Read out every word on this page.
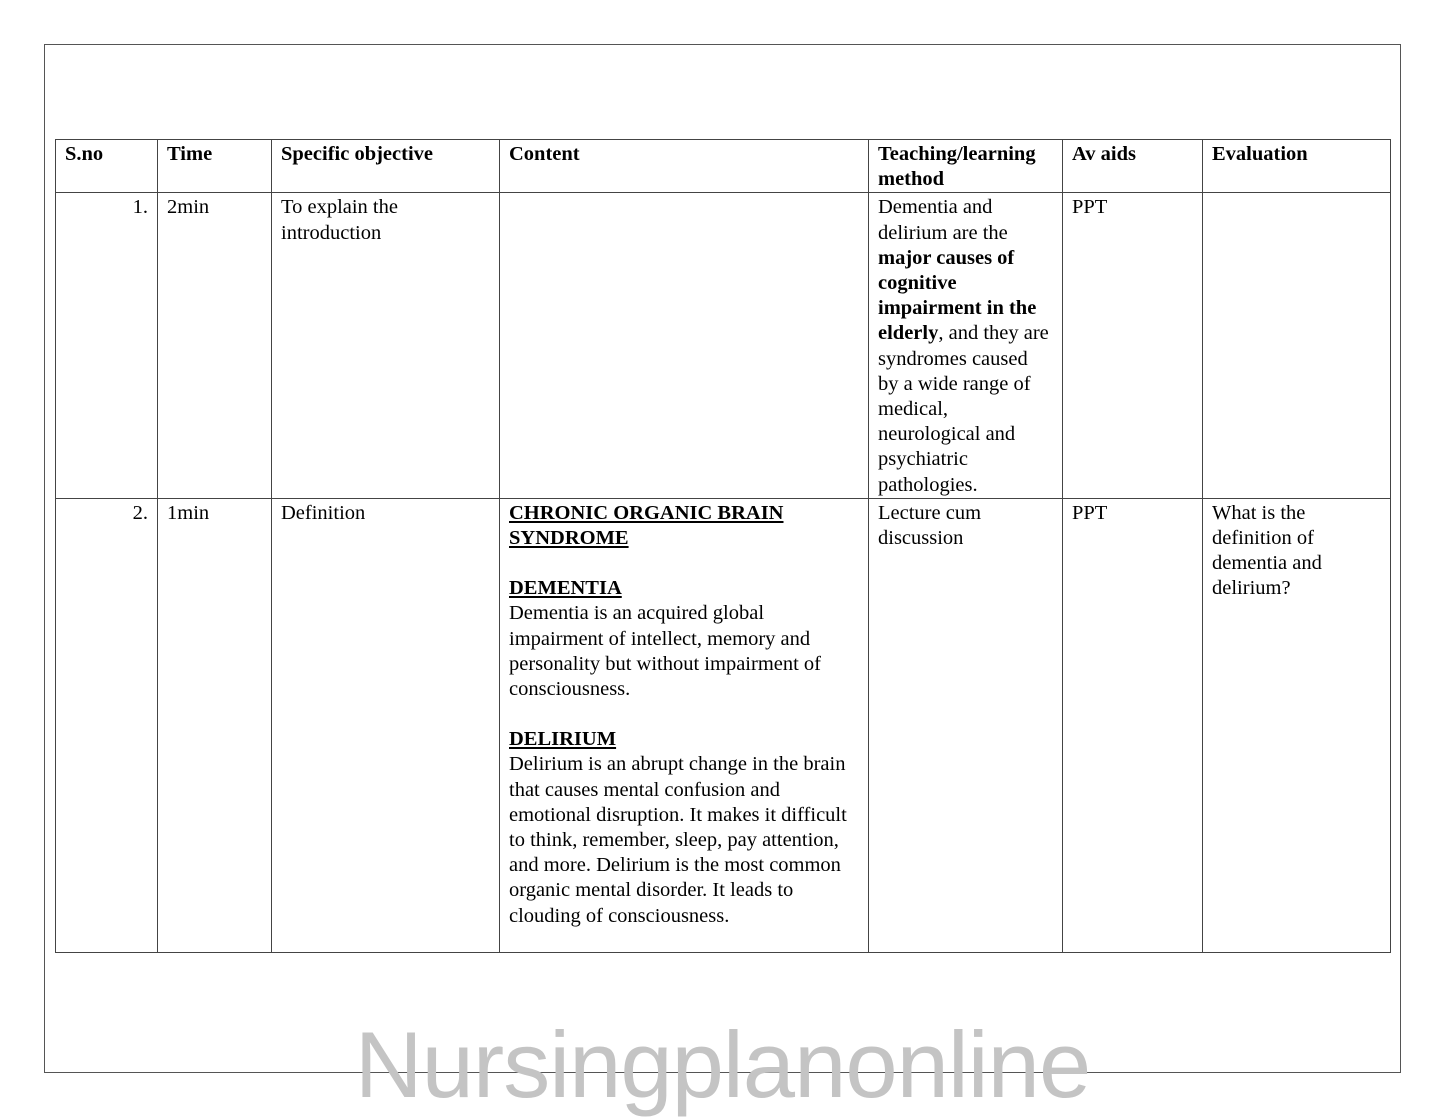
S.no	Time	Specific objective	Content	Teaching/learning method	Av aids	Evaluation
1.	2min	To explain the introduction		Dementia and delirium are the major causes of cognitive impairment in the elderly, and they are syndromes caused by a wide range of medical, neurological and psychiatric pathologies.	PPT	
2.	1min	Definition	CHRONIC ORGANIC BRAIN SYNDROME
DEMENTIA
Dementia is an acquired global impairment of intellect, memory and personality but without impairment of consciousness.
DELIRIUM
Delirium is an abrupt change in the brain that causes mental confusion and emotional disruption. It makes it difficult to think, remember, sleep, pay attention, and more. Delirium is the most common organic mental disorder. It leads to clouding of consciousness.	Lecture cum discussion	PPT	What is the definition of dementia and delirium?
Nursingplanonline
